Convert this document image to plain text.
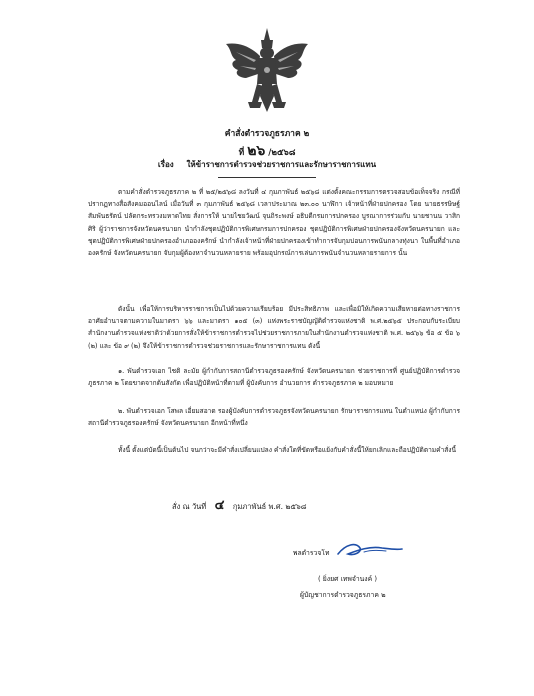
คำสั่งตำรวจภูธรภาค ๒
ที่ ๒๖ /๒๕๖๘
เรื่อง ให้ข้าราชการตำรวจช่วยราชการและรักษาราชการแทน
ตามคำสั่งตำรวจภูธรภาค ๒ ที่ ๒๕/๒๕๖๘ ลงวันที่ ๔ กุมภาพันธ์ ๒๕๖๘ แต่งตั้งคณะกรรมการตรวจสอบข้อเท็จจริง กรณีที่ปรากฏทางสื่อสังคมออนไลน์ เมื่อวันที่ ๓ กุมภาพันธ์ ๒๕๖๘ เวลาประมาณ ๒๓.๐๐ นาฬิกา เจ้าหน้าที่ฝ่ายปกครอง โดย นายธรรษิษฐ์ สัมพันธรัตน์ ปลัดกระทรวงมหาดไทย สั่งการให้ นายไชยวัฒน์ จุนถิระพงษ์ อธิบดีกรมการปกครอง บูรณาการร่วมกับ นายชานน วาสิกศิริ ผู้ว่าราชการจังหวัดนครนายก นำกำลังชุดปฏิบัติการพิเศษกรมการปกครอง ชุดปฏิบัติการพิเศษฝ่ายปกครองจังหวัดนครนายก และชุดปฏิบัติการพิเศษฝ่ายปกครองอำเภอองครักษ์ นำกำลังเจ้าหน้าที่ฝ่ายปกครองเข้าทำการจับกุมบ่อนการพนันกลางทุ่งนา ในพื้นที่อำเภอองครักษ์ จังหวัดนครนายก จับกุมผู้ต้องหาจำนวนหลายราย พร้อมอุปกรณ์การเล่นการพนันจำนวนหลายรายการ นั้น
ดังนั้น เพื่อให้การบริหารราชการเป็นไปด้วยความเรียบร้อย มีประสิทธิภาพ และเพื่อมิให้เกิดความเสียหายต่อทางราชการ อาศัยอำนาจตามความในมาตรา ๖๖ และมาตรา ๑๐๕ (๓) แห่งพระราชบัญญัติตำรวจแห่งชาติ พ.ศ.๒๕๖๕ ประกอบกับระเบียบสำนักงานตำรวจแห่งชาติว่าด้วยการสั่งให้ข้าราชการตำรวจไปช่วยราชการภายในสำนักงานตำรวจแห่งชาติ พ.ศ. ๒๕๖๖ ข้อ ๕ ข้อ ๖ (๒) และ ข้อ ๙ (๒) จึงให้ข้าราชการตำรวจช่วยราชการและรักษาราชการแทน ดังนี้
๑. พันตำรวจเอก ไชติ ละมัย ผู้กำกับการสถานีตำรวจภูธรองครักษ์ จังหวัดนครนายก ช่วยราชการที่ ศูนย์ปฏิบัติการตำรวจภูธรภาค ๒ โดยขาดจากต้นสังกัด เพื่อปฏิบัติหน้าที่ตามที่ ผู้บังคับการ อำนวยการ ตำรวจภูธรภาค ๒ มอบหมาย
๒. พันตำรวจเอก โสพล เอี่ยมสอาด รองผู้บังคับการตำรวจภูธรจังหวัดนครนายก รักษาราชการแทน ในตำแหน่ง ผู้กำกับการ สถานีตำรวจภูธรองครักษ์ จังหวัดนครนายก อีกหน้าที่หนึ่ง
ทั้งนี้ ตั้งแต่บัดนี้เป็นต้นไป จนกว่าจะมีคำสั่งเปลี่ยนแปลง คำสั่งใดที่ขัดหรือแย้งกับคำสั่งนี้ให้ยกเลิกและถือปฏิบัติตามคำสั่งนี้
สั่ง ณ วันที่ ๔ กุมภาพันธ์ พ.ศ. ๒๕๖๘
พลตำรวจโท
( ยิ่งยศ เทพจำนงค์ )
ผู้บัญชาการตำรวจภูธรภาค ๒
